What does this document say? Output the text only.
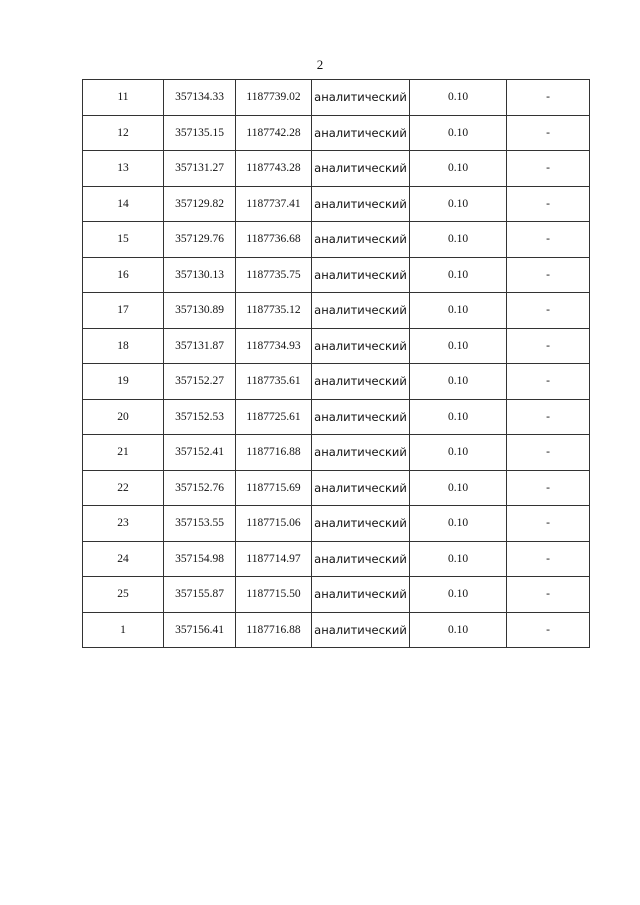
2
11	357134.33	1187739.02	аналитический	0.10	-
12	357135.15	1187742.28	аналитический	0.10	-
13	357131.27	1187743.28	аналитический	0.10	-
14	357129.82	1187737.41	аналитический	0.10	-
15	357129.76	1187736.68	аналитический	0.10	-
16	357130.13	1187735.75	аналитический	0.10	-
17	357130.89	1187735.12	аналитический	0.10	-
18	357131.87	1187734.93	аналитический	0.10	-
19	357152.27	1187735.61	аналитический	0.10	-
20	357152.53	1187725.61	аналитический	0.10	-
21	357152.41	1187716.88	аналитический	0.10	-
22	357152.76	1187715.69	аналитический	0.10	-
23	357153.55	1187715.06	аналитический	0.10	-
24	357154.98	1187714.97	аналитический	0.10	-
25	357155.87	1187715.50	аналитический	0.10	-
1	357156.41	1187716.88	аналитический	0.10	-
